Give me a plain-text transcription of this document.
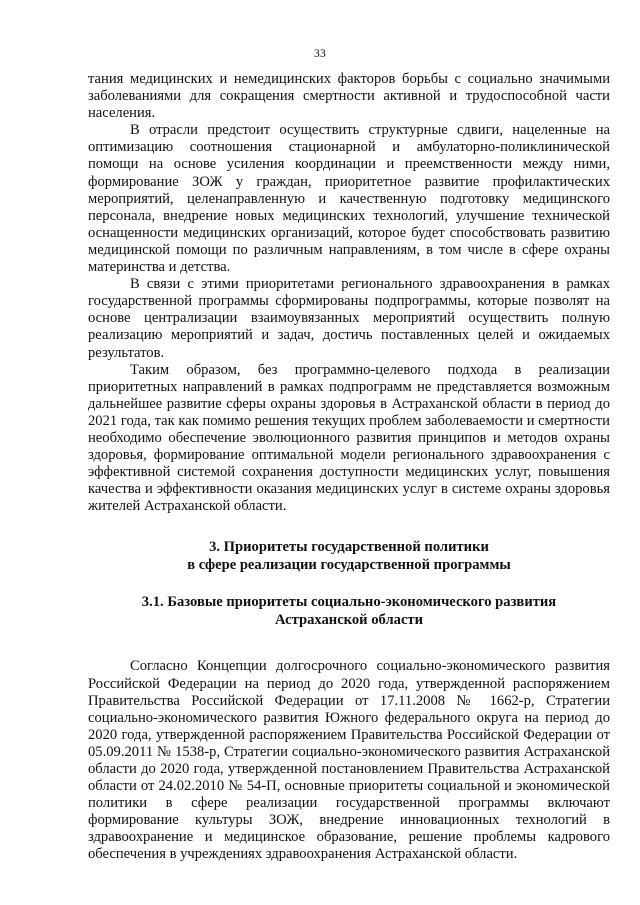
33

тания медицинских и немедицинских факторов борьбы с социально значимыми заболеваниями для сокращения смертности активной и трудоспособной части населения.

В отрасли предстоит осуществить структурные сдвиги, нацеленные на оптимизацию соотношения стационарной и амбулаторно-поликлинической помощи на основе усиления координации и преемственности между ними, формирование ЗОЖ у граждан, приоритетное развитие профилактических мероприятий, целенаправленную и качественную подготовку медицинского персонала, внедрение новых медицинских технологий, улучшение технической оснащенности медицинских организаций, которое будет способствовать развитию медицинской помощи по различным направлениям, в том числе в сфере охраны материнства и детства.

В связи с этими приоритетами регионального здравоохранения в рамках государственной программы сформированы подпрограммы, которые позволят на основе централизации взаимоувязанных мероприятий осуществить полную реализацию мероприятий и задач, достичь поставленных целей и ожидаемых результатов.

Таким образом, без программно-целевого подхода в реализации приоритетных направлений в рамках подпрограмм не представляется возможным дальнейшее развитие сферы охраны здоровья в Астраханской области в период до 2021 года, так как помимо решения текущих проблем заболеваемости и смертности необходимо обеспечение эволюционного развития принципов и методов охраны здоровья, формирование оптимальной модели регионального здравоохранения с эффективной системой сохранения доступности медицинских услуг, повышения качества и эффективности оказания медицинских услуг в системе охраны здоровья жителей Астраханской области.

3. Приоритеты государственной политики
в сфере реализации государственной программы
3.1. Базовые приоритеты социально-экономического развития
Астраханской области

Согласно Концепции долгосрочного социально-экономического развития Российской Федерации на период до 2020 года, утвержденной распоряжением Правительства Российской Федерации от 17.11.2008 № 1662-р, Стратегии социально-экономического развития Южного федерального округа на период до 2020 года, утвержденной распоряжением Правительства Российской Федерации от 05.09.2011 № 1538-р, Стратегии социально-экономического развития Астраханской области до 2020 года, утвержденной постановлением Правительства Астраханской области от 24.02.2010 № 54-П, основные приоритеты социальной и экономической политики в сфере реализации государственной программы включают формирование культуры ЗОЖ, внедрение инновационных технологий в здравоохранение и медицинское образование, решение проблемы кадрового обеспечения в учреждениях здравоохранения Астраханской области.
